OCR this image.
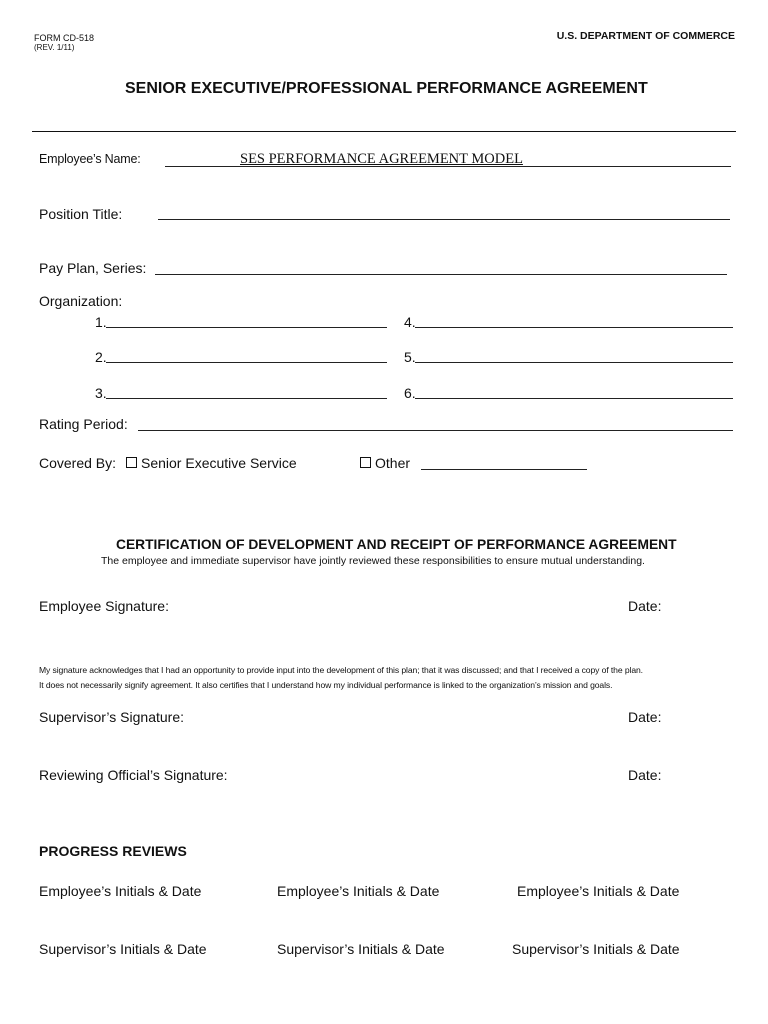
FORM CD-518
(REV. 1/11)
U.S. DEPARTMENT OF COMMERCE
SENIOR EXECUTIVE/PROFESSIONAL PERFORMANCE AGREEMENT
Employee’s Name:	SES PERFORMANCE AGREEMENT MODEL
Position Title:
Pay Plan, Series:
Organization:
1.	4.
2.	5.
3.	6.
Rating Period:
Covered By:	Senior Executive Service	Other
CERTIFICATION OF DEVELOPMENT AND RECEIPT OF PERFORMANCE AGREEMENT
The employee and immediate supervisor have jointly reviewed these responsibilities to ensure mutual understanding.
Employee Signature:	Date:
My signature acknowledges that I had an opportunity to provide input into the development of this plan; that it was discussed; and that I received a copy of the plan.
It does not necessarily signify agreement. It also certifies that I understand how my individual performance is linked to the organization’s mission and goals.
Supervisor’s Signature:	Date:
Reviewing Official’s Signature:	Date:
PROGRESS REVIEWS
Employee’s Initials & Date	Employee’s Initials & Date	Employee’s Initials & Date
Supervisor’s Initials & Date	Supervisor’s Initials & Date	Supervisor’s Initials & Date
